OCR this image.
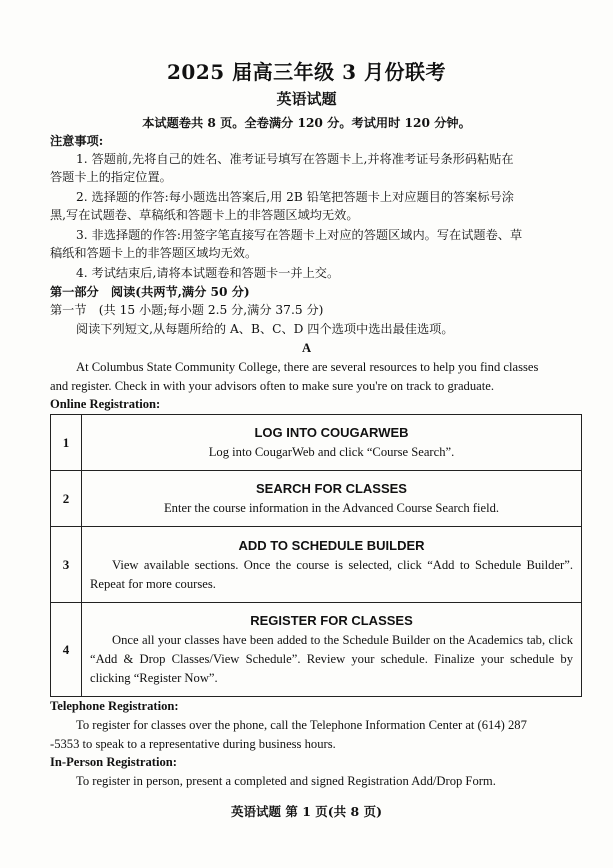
2025 届高三年级 3 月份联考
英语试题
本试题卷共 8 页。全卷满分 120 分。考试用时 120 分钟。
注意事项:
1. 答题前,先将自己的姓名、准考证号填写在答题卡上,并将准考证号条形码粘贴在
答题卡上的指定位置。
2. 选择题的作答:每小题选出答案后,用 2B 铅笔把答题卡上对应题目的答案标号涂
黑,写在试题卷、草稿纸和答题卡上的非答题区域均无效。
3. 非选择题的作答:用签字笔直接写在答题卡上对应的答题区域内。写在试题卷、草
稿纸和答题卡上的非答题区域均无效。
4. 考试结束后,请将本试题卷和答题卡一并上交。
第一部分　阅读(共两节,满分 50 分)
第一节　(共 15 小题;每小题 2.5 分,满分 37.5 分)
阅读下列短文,从每题所给的 A、B、C、D 四个选项中选出最佳选项。
A
At Columbus State Community College, there are several resources to help you find classes
and register. Check in with your advisors often to make sure you're on track to graduate.
Online Registration:
1	LOG INTO COUGARWEB
Log into CougarWeb and click “Course Search”.

2	SEARCH FOR CLASSES
Enter the course information in the Advanced Course Search field.

3	ADD TO SCHEDULE BUILDER
View available sections. Once the course is selected, click “Add to Schedule Builder”. Repeat for more courses.

4	REGISTER FOR CLASSES
Once all your classes have been added to the Schedule Builder on the Academics tab, click “Add & Drop Classes/View Schedule”. Review your schedule. Finalize your schedule by clicking “Register Now”.
Telephone Registration:
To register for classes over the phone, call the Telephone Information Center at (614) 287
-5353 to speak to a representative during business hours.
In-Person Registration:
To register in person, present a completed and signed Registration Add/Drop Form.
英语试题 第 1 页(共 8 页)
